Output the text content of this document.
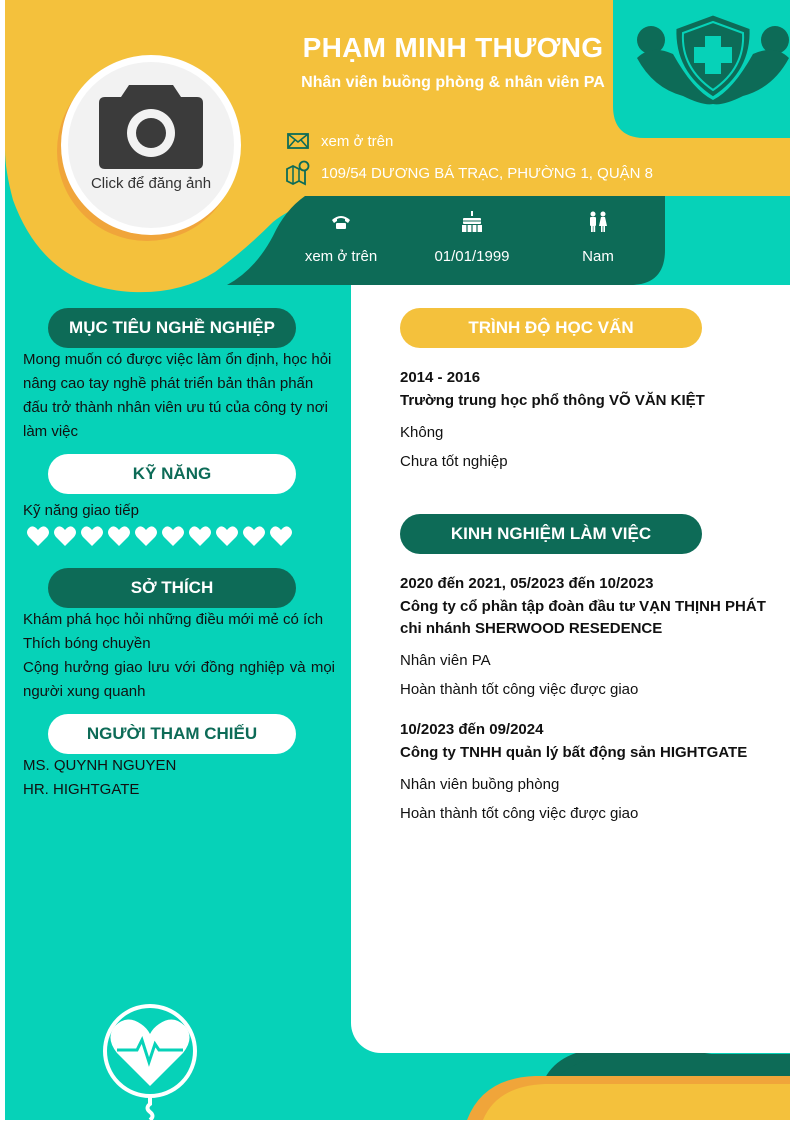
Click để đăng ảnh
PHẠM MINH THƯƠNG
Nhân viên buồng phòng & nhân viên PA
xem ở trên
109/54 DƯƠNG BÁ TRẠC, PHƯỜNG 1, QUẬN 8
xem ở trên	01/01/1999	Nam
MỤC TIÊU NGHỀ NGHIỆP
Mong muốn có được việc làm ổn định, học hỏi nâng cao tay nghề phát triển bản thân phấn đấu trở thành nhân viên ưu tú của công ty nơi làm việc
KỸ NĂNG
Kỹ năng giao tiếp
SỞ THÍCH
Khám phá học hỏi những điều mới mẻ có ích
Thích bóng chuyền
Cộng hưởng giao lưu với đồng nghiệp và mọi người xung quanh
NGƯỜI THAM CHIẾU
MS. QUYNH NGUYEN
HR. HIGHTGATE
TRÌNH ĐỘ HỌC VẤN
2014 - 2016
Trường trung học phổ thông VÕ VĂN KIỆT
Không
Chưa tốt nghiệp
KINH NGHIỆM LÀM VIỆC
2020 đến 2021, 05/2023 đến 10/2023
Công ty cổ phần tập đoàn đầu tư VẠN THỊNH PHÁT chi nhánh SHERWOOD RESEDENCE
Nhân viên PA
Hoàn thành tốt công việc được giao
10/2023 đến 09/2024
Công ty TNHH quản lý bất động sản HIGHTGATE
Nhân viên buồng phòng
Hoàn thành tốt công việc được giao
